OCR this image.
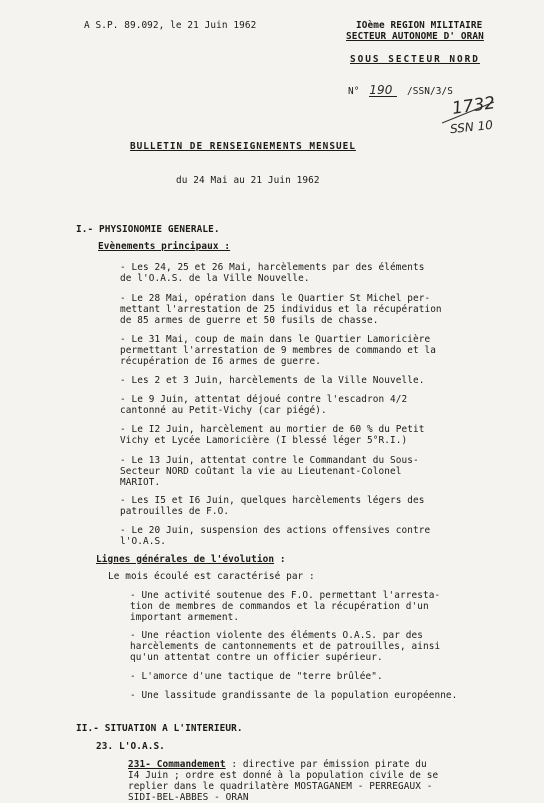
A S.P. 89.092, le 21 Juin 1962	IOème REGION MILITAIRE
SECTEUR AUTONOME D' ORAN
SOUS SECTEUR NORD
N° 190 /SSN/3/S
1732
SSN 10
BULLETIN DE RENSEIGNEMENTS MENSUEL
du 24 Mai au 21 Juin 1962
I.- PHYSIONOMIE GENERALE.
Evènements principaux :
- Les 24, 25 et 26 Mai, harcèlements par des éléments
de l'O.A.S. de la Ville Nouvelle.
- Le 28 Mai, opération dans le Quartier St Michel per-
mettant l'arrestation de 25 individus et la récupération
de 85 armes de guerre et 50 fusils de chasse.
- Le 31 Mai, coup de main dans le Quartier Lamoricière
permettant l'arrestation de 9 membres de commando et la
récupération de I6 armes de guerre.
- Les 2 et 3 Juin, harcèlements de la Ville Nouvelle.
- Le 9 Juin, attentat déjoué contre l'escadron 4/2
cantonné au Petit-Vichy (car piégé).
- Le I2 Juin, harcèlement au mortier de 60 % du Petit
Vichy et Lycée Lamoricière (I blessé léger 5°R.I.)
- Le 13 Juin, attentat contre le Commandant du Sous-
Secteur NORD coûtant la vie au Lieutenant-Colonel
MARIOT.
- Les I5 et I6 Juin, quelques harcèlements légers des
patrouilles de F.O.
- Le 20 Juin, suspension des actions offensives contre
l'O.A.S.
Lignes générales de l'évolution :
Le mois écoulé est caractérisé par :
- Une activité soutenue des F.O. permettant l'arresta-
tion de membres de commandos et la récupération d'un
important armement.
- Une réaction violente des éléments O.A.S. par des
harcèlements de cantonnements et de patrouilles, ainsi
qu'un attentat contre un officier supérieur.
- L'amorce d'une tactique de "terre brûlée".
- Une lassitude grandissante de la population européenne.
II.- SITUATION A L'INTERIEUR.
23. L'O.A.S.
231- Commandement : directive par émission pirate du
I4 Juin ; ordre est donné à la population civile de se
replier dans le quadrilatère MOSTAGANEM - PERREGAUX -
SIDI-BEL-ABBES - ORAN
